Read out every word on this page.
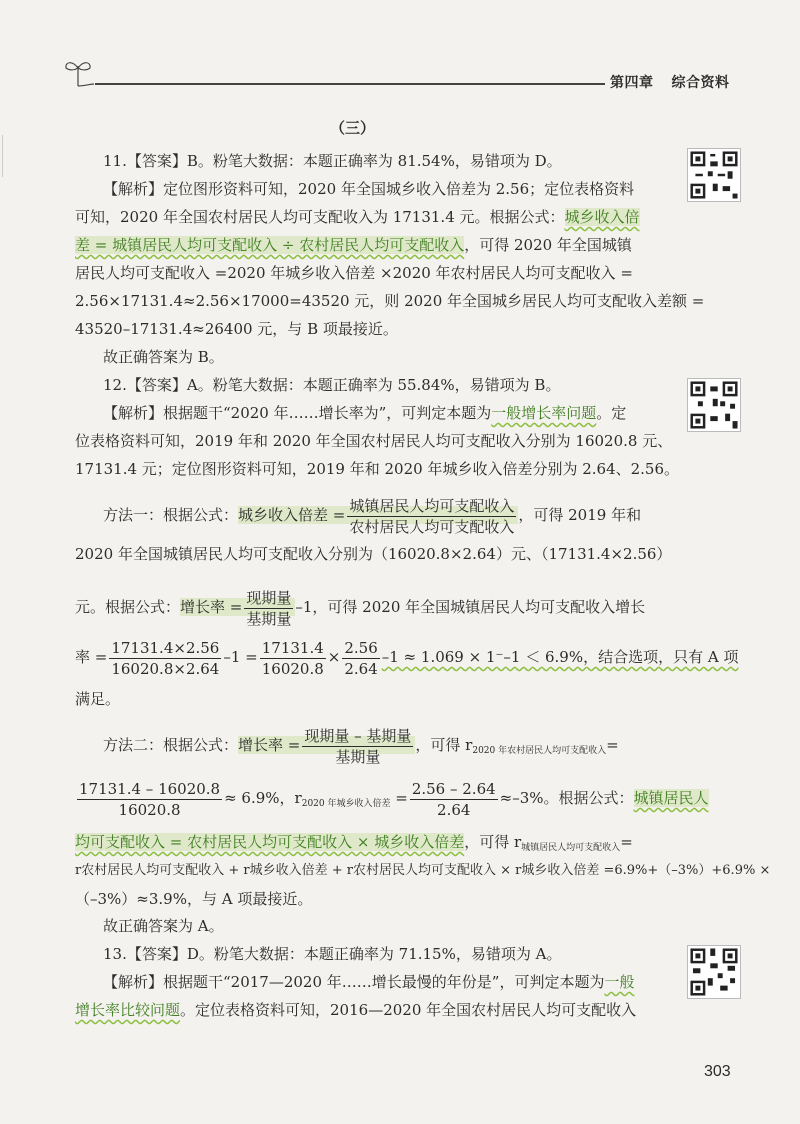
第四章 综合资料
（三）
11.【答案】B。粉笔大数据：本题正确率为 81.54%，易错项为 D。
【解析】定位图形资料可知，2020 年全国城乡收入倍差为 2.56；定位表格资料
可知，2020 年全国农村居民人均可支配收入为 17131.4 元。根据公式：城乡收入倍
差 = 城镇居民人均可支配收入 ÷ 农村居民人均可支配收入，可得 2020 年全国城镇
居民人均可支配收入 =2020 年城乡收入倍差 ×2020 年农村居民人均可支配收入 =
2.56×17131.4≈2.56×17000=43520 元，则 2020 年全国城乡居民人均可支配收入差额 =
43520–17131.4≈26400 元，与 B 项最接近。
故正确答案为 B。
12.【答案】A。粉笔大数据：本题正确率为 55.84%，易错项为 B。
【解析】根据题干“2020 年……增长率为”，可判定本题为一般增长率问题。定
位表格资料可知，2019 年和 2020 年全国农村居民人均可支配收入分别为 16020.8 元、
17131.4 元；定位图形资料可知，2019 年和 2020 年城乡收入倍差分别为 2.64、2.56。
方法一：根据公式：城乡收入倍差 = $\frac{\text{城镇居民人均可支配收入}}{\text{农村居民人均可支配收入}}$ ，可得 2019 年和
2020 年全国城镇居民人均可支配收入分别为（16020.8×2.64）元、（17131.4×2.56）
元。根据公式：增长率 = $\frac{\text{现期量}}{\text{基期量}} -1$，可得 2020 年全国城镇居民人均可支配收入增长
率 = $\frac{17131.4\times 2.56}{16020.8\times 2.64} -1 = \frac{17131.4}{16020.8} \times \frac{2.56}{2.64} -1 \approx 1.069 \times 1^--1 < 6.9\%$，结合选项，只有 A 项
满足。
方法二：根据公式：增长率 = $\frac{\text{现期量 – 基期量}}{\text{基期量}}$ ，可得 $r_{2020 年农村居民人均可支配收入}=$
$\frac{17131.4 - 16020.8}{16020.8} \approx 6.9\%$，$r_{2020 年城乡收入倍差} = \frac{2.56 - 2.64}{2.64} \approx-3\%$。根据公式：城镇居民人
均可支配收入 = 农村居民人均可支配收入 × 城乡收入倍差，可得 $r_{城镇居民人均可支配收入}=$
r农村居民人均可支配收入 + r城乡收入倍差 + r农村居民人均可支配收入 × r城乡收入倍差 =6.9%+（–3%）+6.9% ×
（–3%）≈3.9%，与 A 项最接近。
故正确答案为 A。
13.【答案】D。粉笔大数据：本题正确率为 71.15%，易错项为 A。
【解析】根据题干“2017—2020 年……增长最慢的年份是”，可判定本题为一般
增长率比较问题。定位表格资料可知，2016—2020 年全国农村居民人均可支配收入
303
